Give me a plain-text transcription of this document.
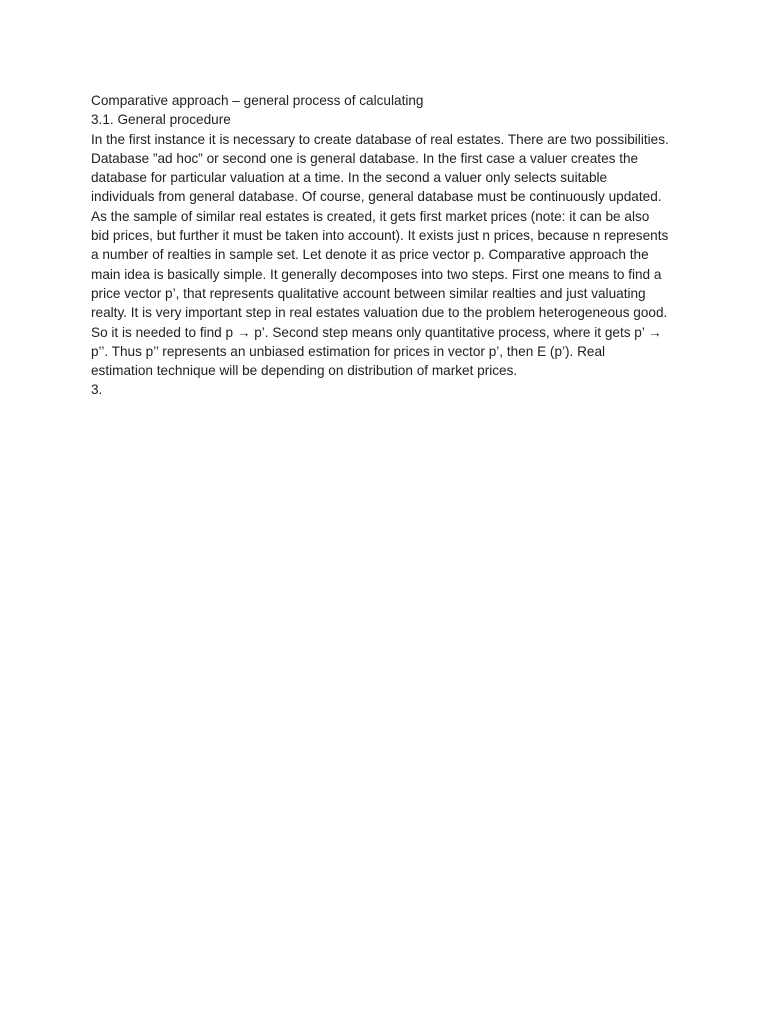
Comparative approach – general process of calculating

3.1. General procedure

In the first instance it is necessary to create database of real estates. There are two possibilities.

Database ”ad hoc” or second one is general database. In the first case a valuer creates the

database for particular valuation at a time. In the second a valuer only selects suitable

individuals from general database. Of course, general database must be continuously updated.

As the sample of similar real estates is created, it gets first market prices (note: it can be also

bid prices, but further it must be taken into account). It exists just n prices, because n represents

a number of realties in sample set. Let denote it as price vector p. Comparative approach the

main idea is basically simple. It generally decomposes into two steps. First one means to find a

price vector p’, that represents qualitative account between similar realties and just valuating

realty. It is very important step in real estates valuation due to the problem heterogeneous good.

So it is needed to find p → p’. Second step means only quantitative process, where it gets p’ →

p’’. Thus p’’ represents an unbiased estimation for prices in vector p’, then E (p’). Real

estimation technique will be depending on distribution of market prices.

3.
